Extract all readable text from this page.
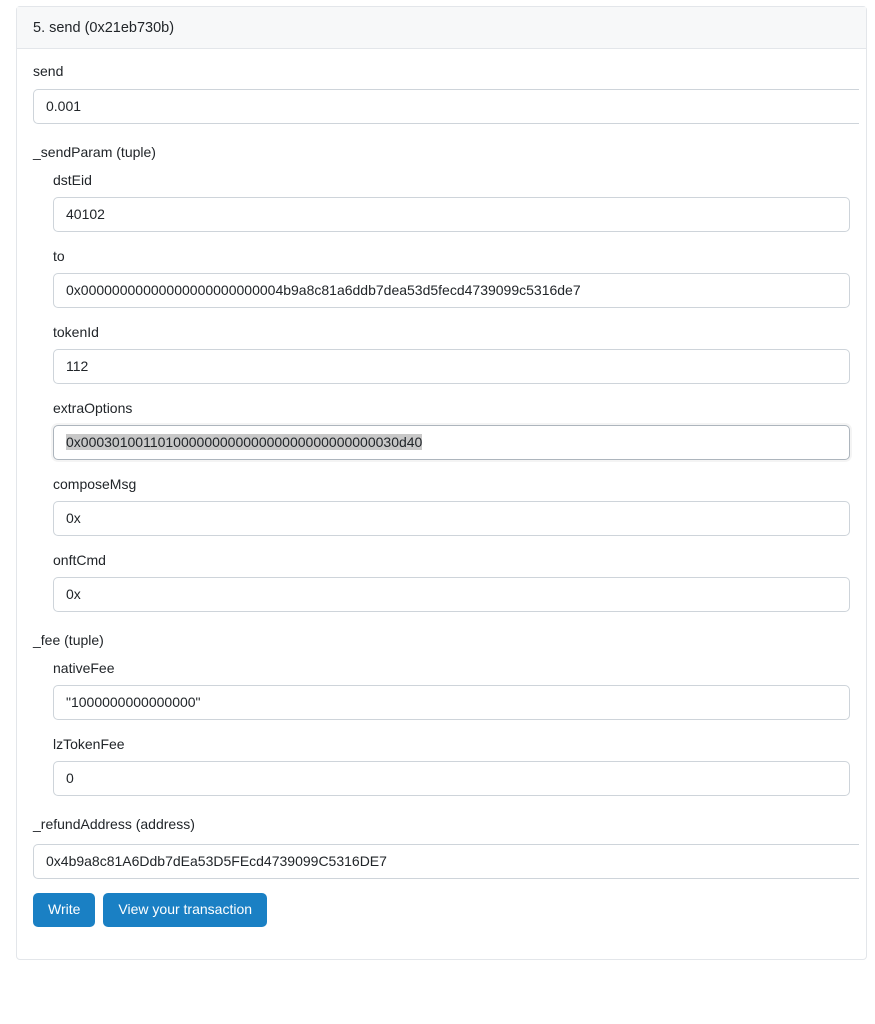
5. send (0x21eb730b)
send
0.001
_sendParam (tuple)
dstEid
40102
to
0x00000000000000000000000004b9a8c81a6ddb7dea53d5fecd4739099c5316de7
tokenId
112
extraOptions
0x00030100110100000000000000000000000000030d40
composeMsg
0x
onftCmd
0x
_fee (tuple)
nativeFee
"1000000000000000"
lzTokenFee
0
_refundAddress (address)
0x4b9a8c81A6Ddb7dEa53D5FEcd4739099C5316DE7
Write	View your transaction
